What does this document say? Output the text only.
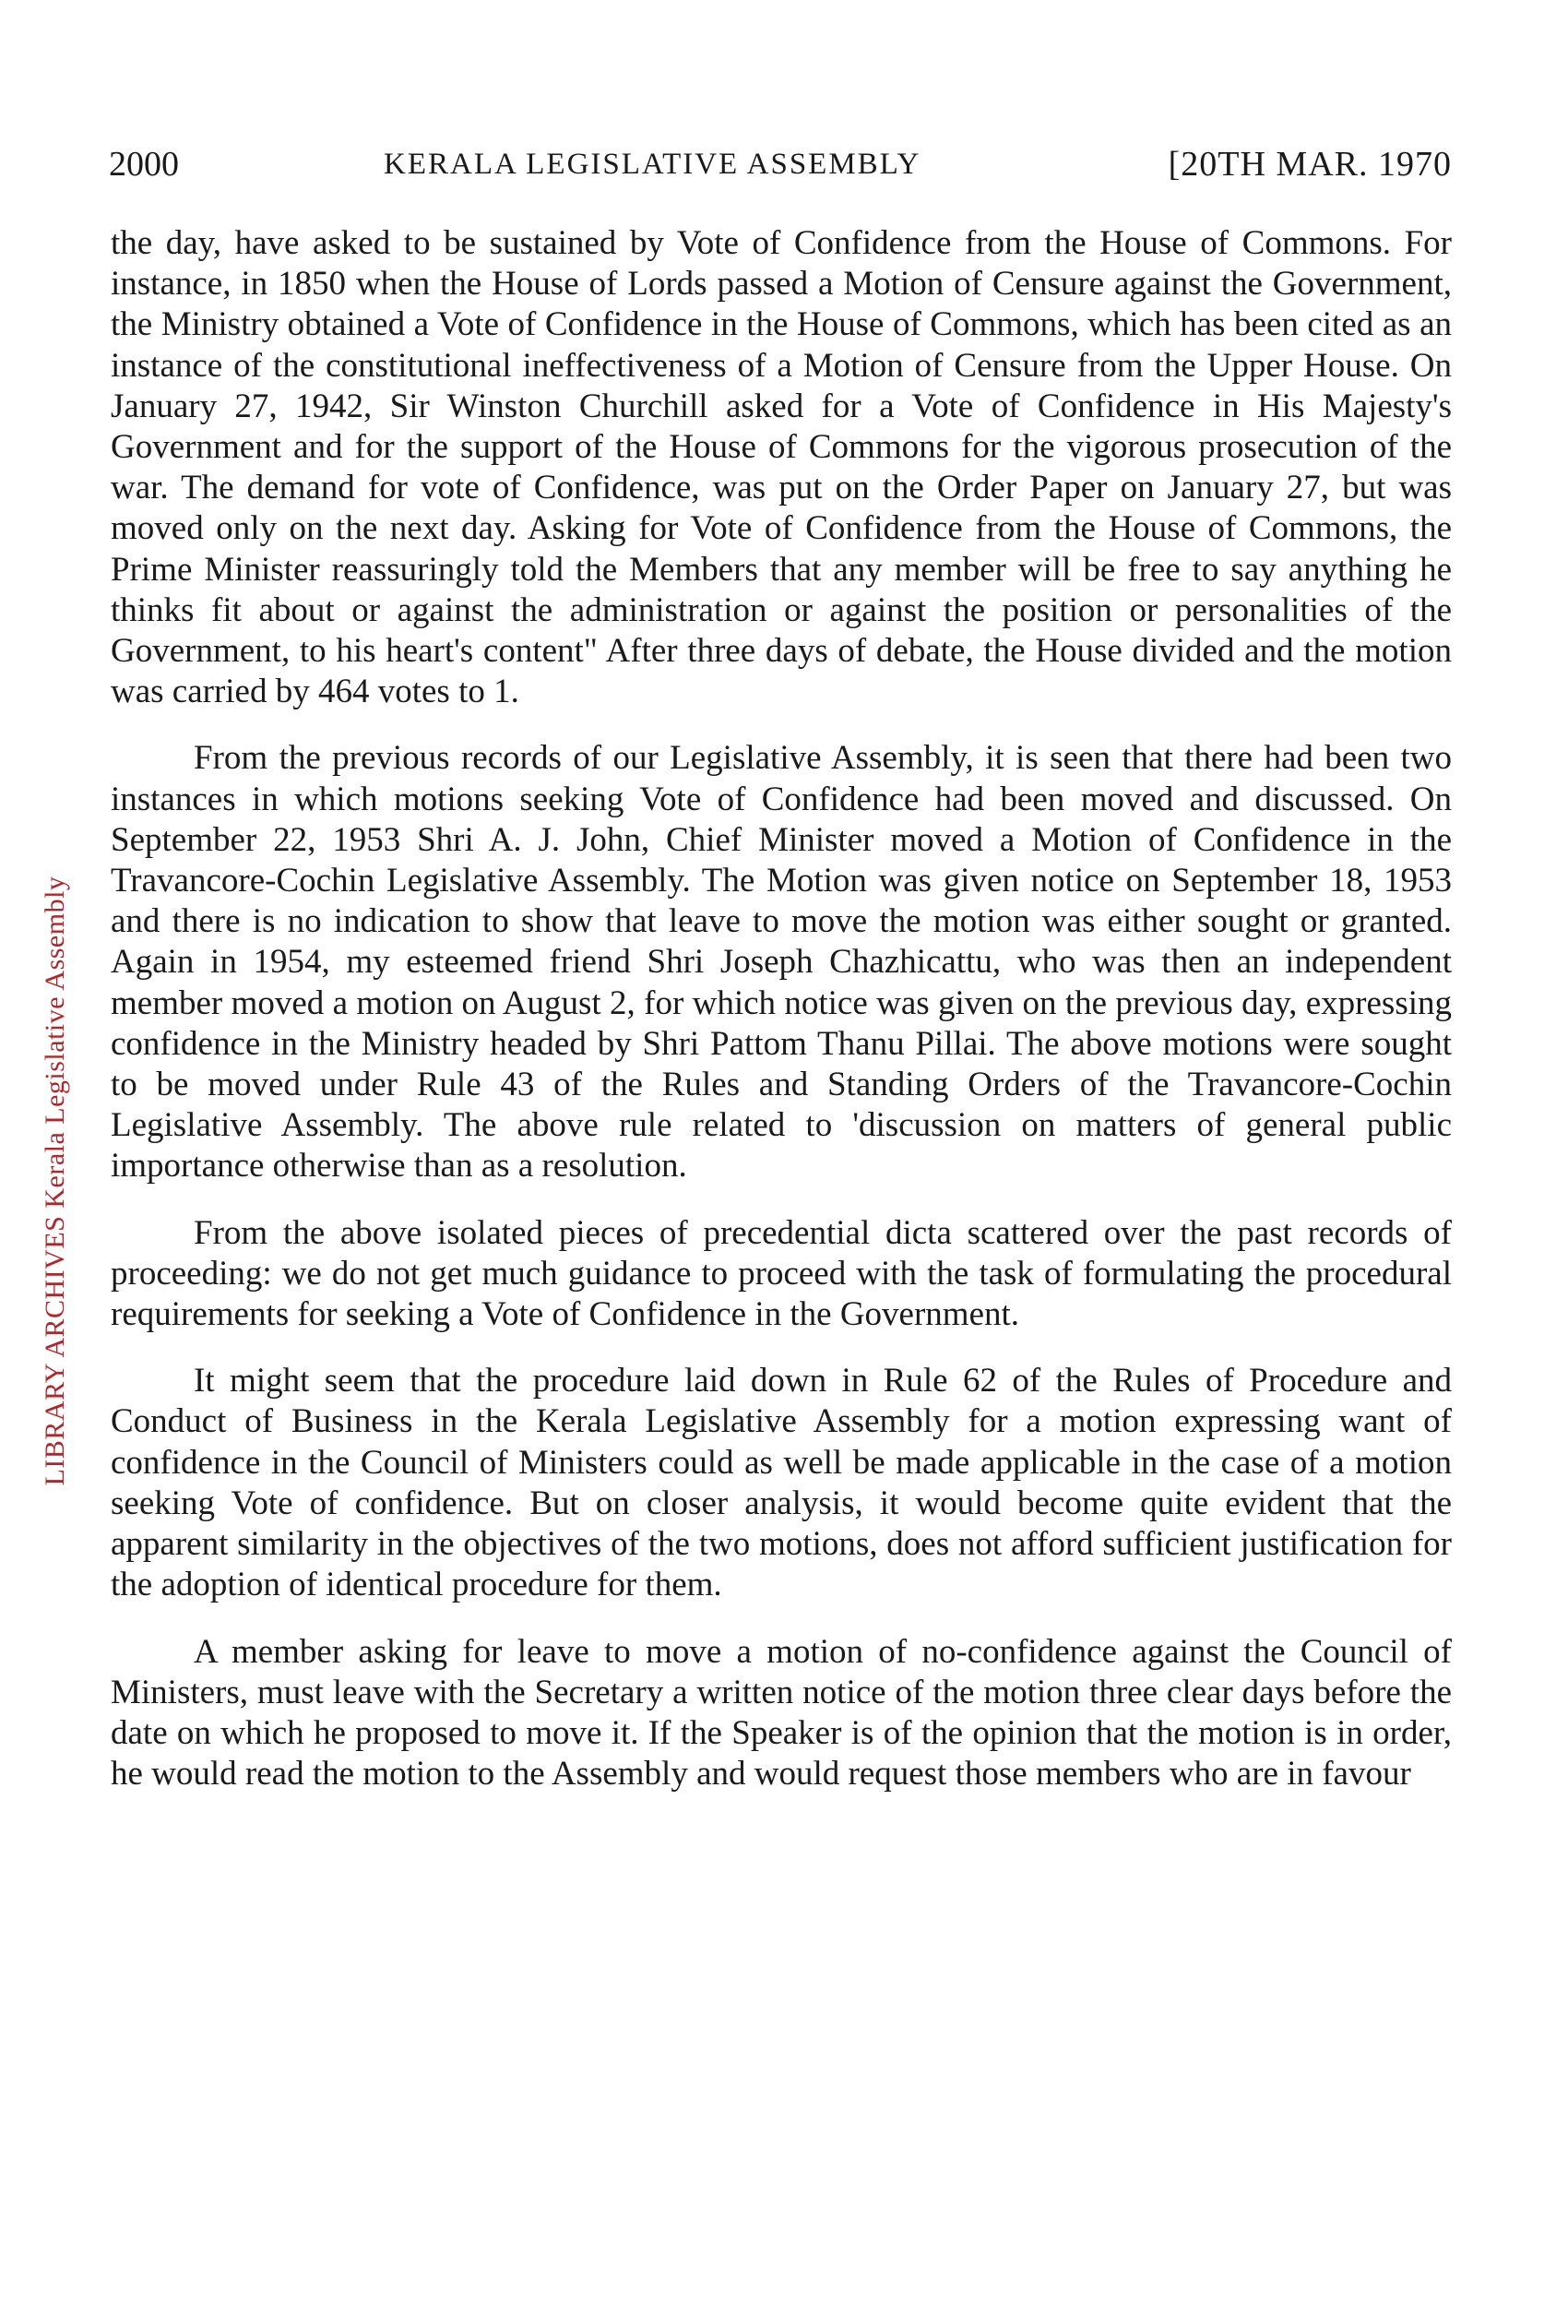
2000	KERALA LEGISLATIVE ASSEMBLY	[20TH MAR. 1970
LIBRARY ARCHIVES Kerala Legislative Assembly

the day, have asked to be sustained by Vote of Confidence from the House of Commons. For instance, in 1850 when the House of Lords passed a Motion of Censure against the Government, the Ministry obtained a Vote of Confidence in the House of Commons, which has been cited as an instance of the constitutional ineffectiveness of a Motion of Censure from the Upper House. On January 27, 1942, Sir Winston Churchill asked for a Vote of Confidence in His Majesty's Government and for the support of the House of Commons for the vigorous prosecution of the war. The demand for vote of Confidence, was put on the Order Paper on January 27, but was moved only on the next day. Asking for Vote of Confidence from the House of Commons, the Prime Minister reassuringly told the Members that any member will be free to say anything he thinks fit about or against the administration or against the position or personalities of the Government, to his heart's content" After three days of debate, the House divided and the motion was carried by 464 votes to 1.

From the previous records of our Legislative Assembly, it is seen that there had been two instances in which motions seeking Vote of Confidence had been moved and discussed. On September 22, 1953 Shri A. J. John, Chief Minister moved a Motion of Confidence in the Travancore-Cochin Legislative Assembly. The Motion was given notice on September 18, 1953 and there is no indication to show that leave to move the motion was either sought or granted. Again in 1954, my esteemed friend Shri Joseph Chazhicattu, who was then an independent member moved a motion on August 2, for which notice was given on the previous day, expressing confidence in the Ministry headed by Shri Pattom Thanu Pillai. The above motions were sought to be moved under Rule 43 of the Rules and Standing Orders of the Travancore-Cochin Legislative Assembly. The above rule related to 'discussion on matters of general public importance otherwise than as a resolution.

From the above isolated pieces of precedential dicta scattered over the past records of proceeding: we do not get much guidance to proceed with the task of formulating the procedural requirements for seeking a Vote of Confidence in the Government.

It might seem that the procedure laid down in Rule 62 of the Rules of Procedure and Conduct of Business in the Kerala Legislative Assembly for a motion expressing want of confidence in the Council of Ministers could as well be made applicable in the case of a motion seeking Vote of confidence. But on closer analysis, it would become quite evident that the apparent similarity in the objectives of the two motions, does not afford sufficient justification for the adoption of identical procedure for them.

A member asking for leave to move a motion of no-confidence against the Council of Ministers, must leave with the Secretary a written notice of the motion three clear days before the date on which he proposed to move it. If the Speaker is of the opinion that the motion is in order, he would read the motion to the Assembly and would request those members who are in favour
